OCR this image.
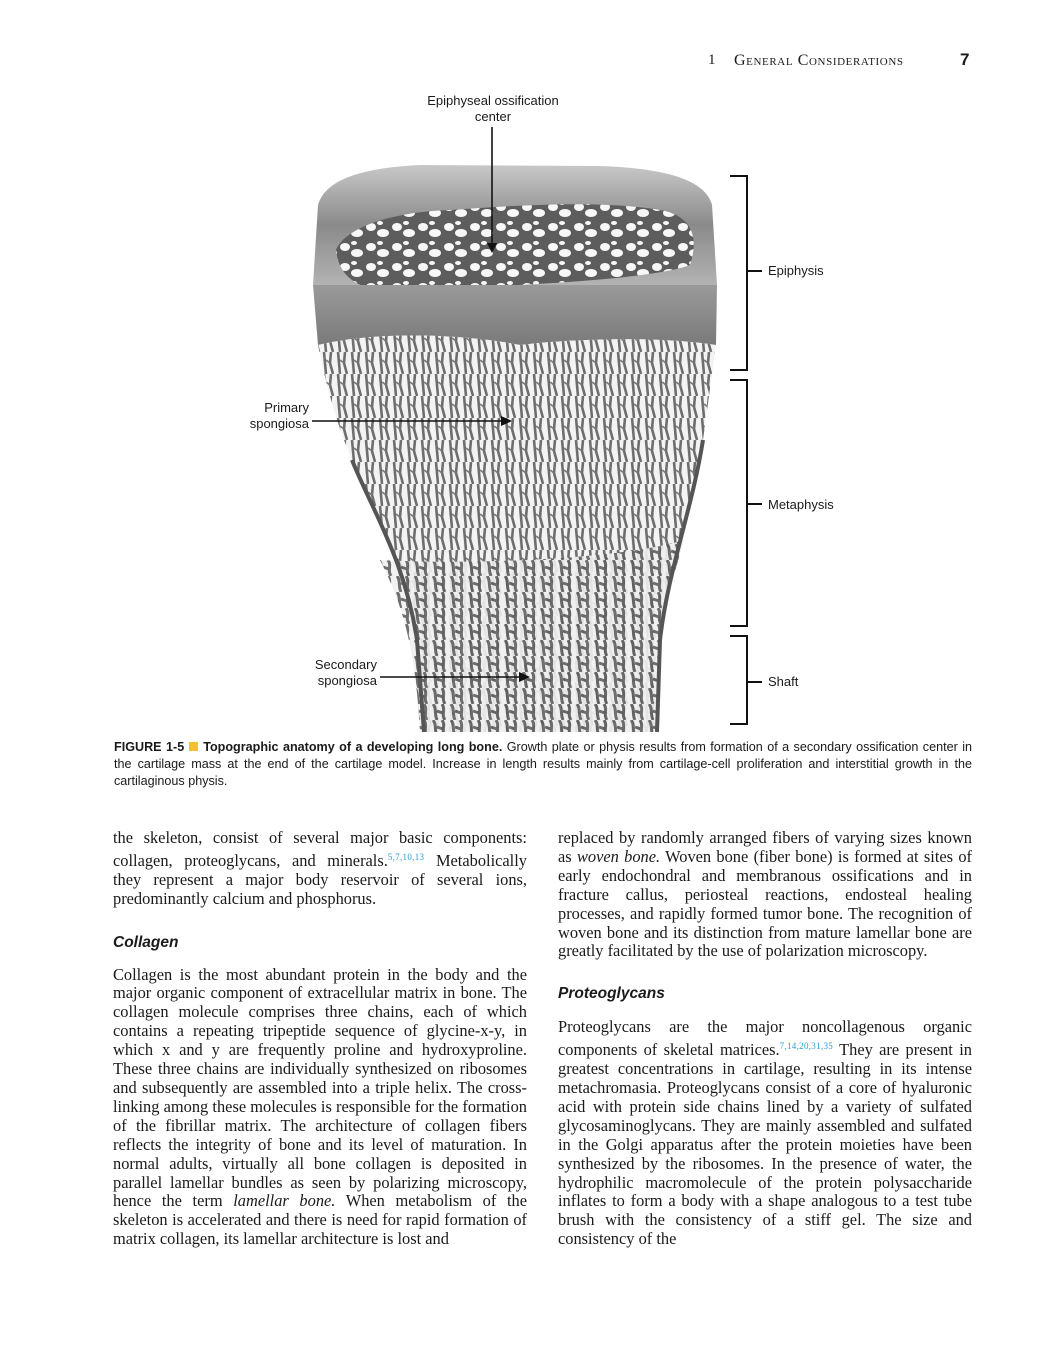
1 General Considerations	7
Epiphyseal ossification
center
Epiphysis
Primary
spongiosa
Metaphysis
Secondary
spongiosa	Shaft
FIGURE 1-5 Topographic anatomy of a developing long bone. Growth plate or physis results from formation of a secondary ossification center in the cartilage mass at the end of the cartilage model. Increase in length results mainly from cartilage-cell proliferation and interstitial growth in the cartilaginous physis.

the skeleton, consist of several major basic components: collagen, proteoglycans, and minerals.$^{5,7,10,13}$ Metabolically they represent a major body reservoir of several ions, predominantly calcium and phosphorus.

Collagen

Collagen is the most abundant protein in the body and the major organic component of extracellular matrix in bone. The collagen molecule comprises three chains, each of which contains a repeating tripeptide sequence of glycine-x-y, in which x and y are frequently proline and hydroxyproline. These three chains are individually synthesized on ribosomes and subsequently are assembled into a triple helix. The cross-linking among these molecules is responsible for the formation of the fibrillar matrix. The architecture of collagen fibers reflects the integrity of bone and its level of maturation. In normal adults, virtually all bone collagen is deposited in parallel lamellar bundles as seen by polarizing microscopy, hence the term lamellar bone. When metabolism of the skeleton is accelerated and there is need for rapid formation of matrix collagen, its lamellar architecture is lost and

replaced by randomly arranged fibers of varying sizes known as woven bone. Woven bone (fiber bone) is formed at sites of early endochondral and membranous ossifications and in fracture callus, periosteal reactions, endosteal healing processes, and rapidly formed tumor bone. The recognition of woven bone and its distinction from mature lamellar bone are greatly facilitated by the use of polarization microscopy.

Proteoglycans

Proteoglycans are the major noncollagenous organic components of skeletal matrices.$^{7,14,20,31,35}$ They are present in greatest concentrations in cartilage, resulting in its intense metachromasia. Proteoglycans consist of a core of hyaluronic acid with protein side chains lined by a variety of sulfated glycosaminoglycans. They are mainly assembled and sulfated in the Golgi apparatus after the protein moieties have been synthesized by the ribosomes. In the presence of water, the hydrophilic macromolecule of the protein polysaccharide inflates to form a body with a shape analogous to a test tube brush with the consistency of a stiff gel. The size and consistency of the
